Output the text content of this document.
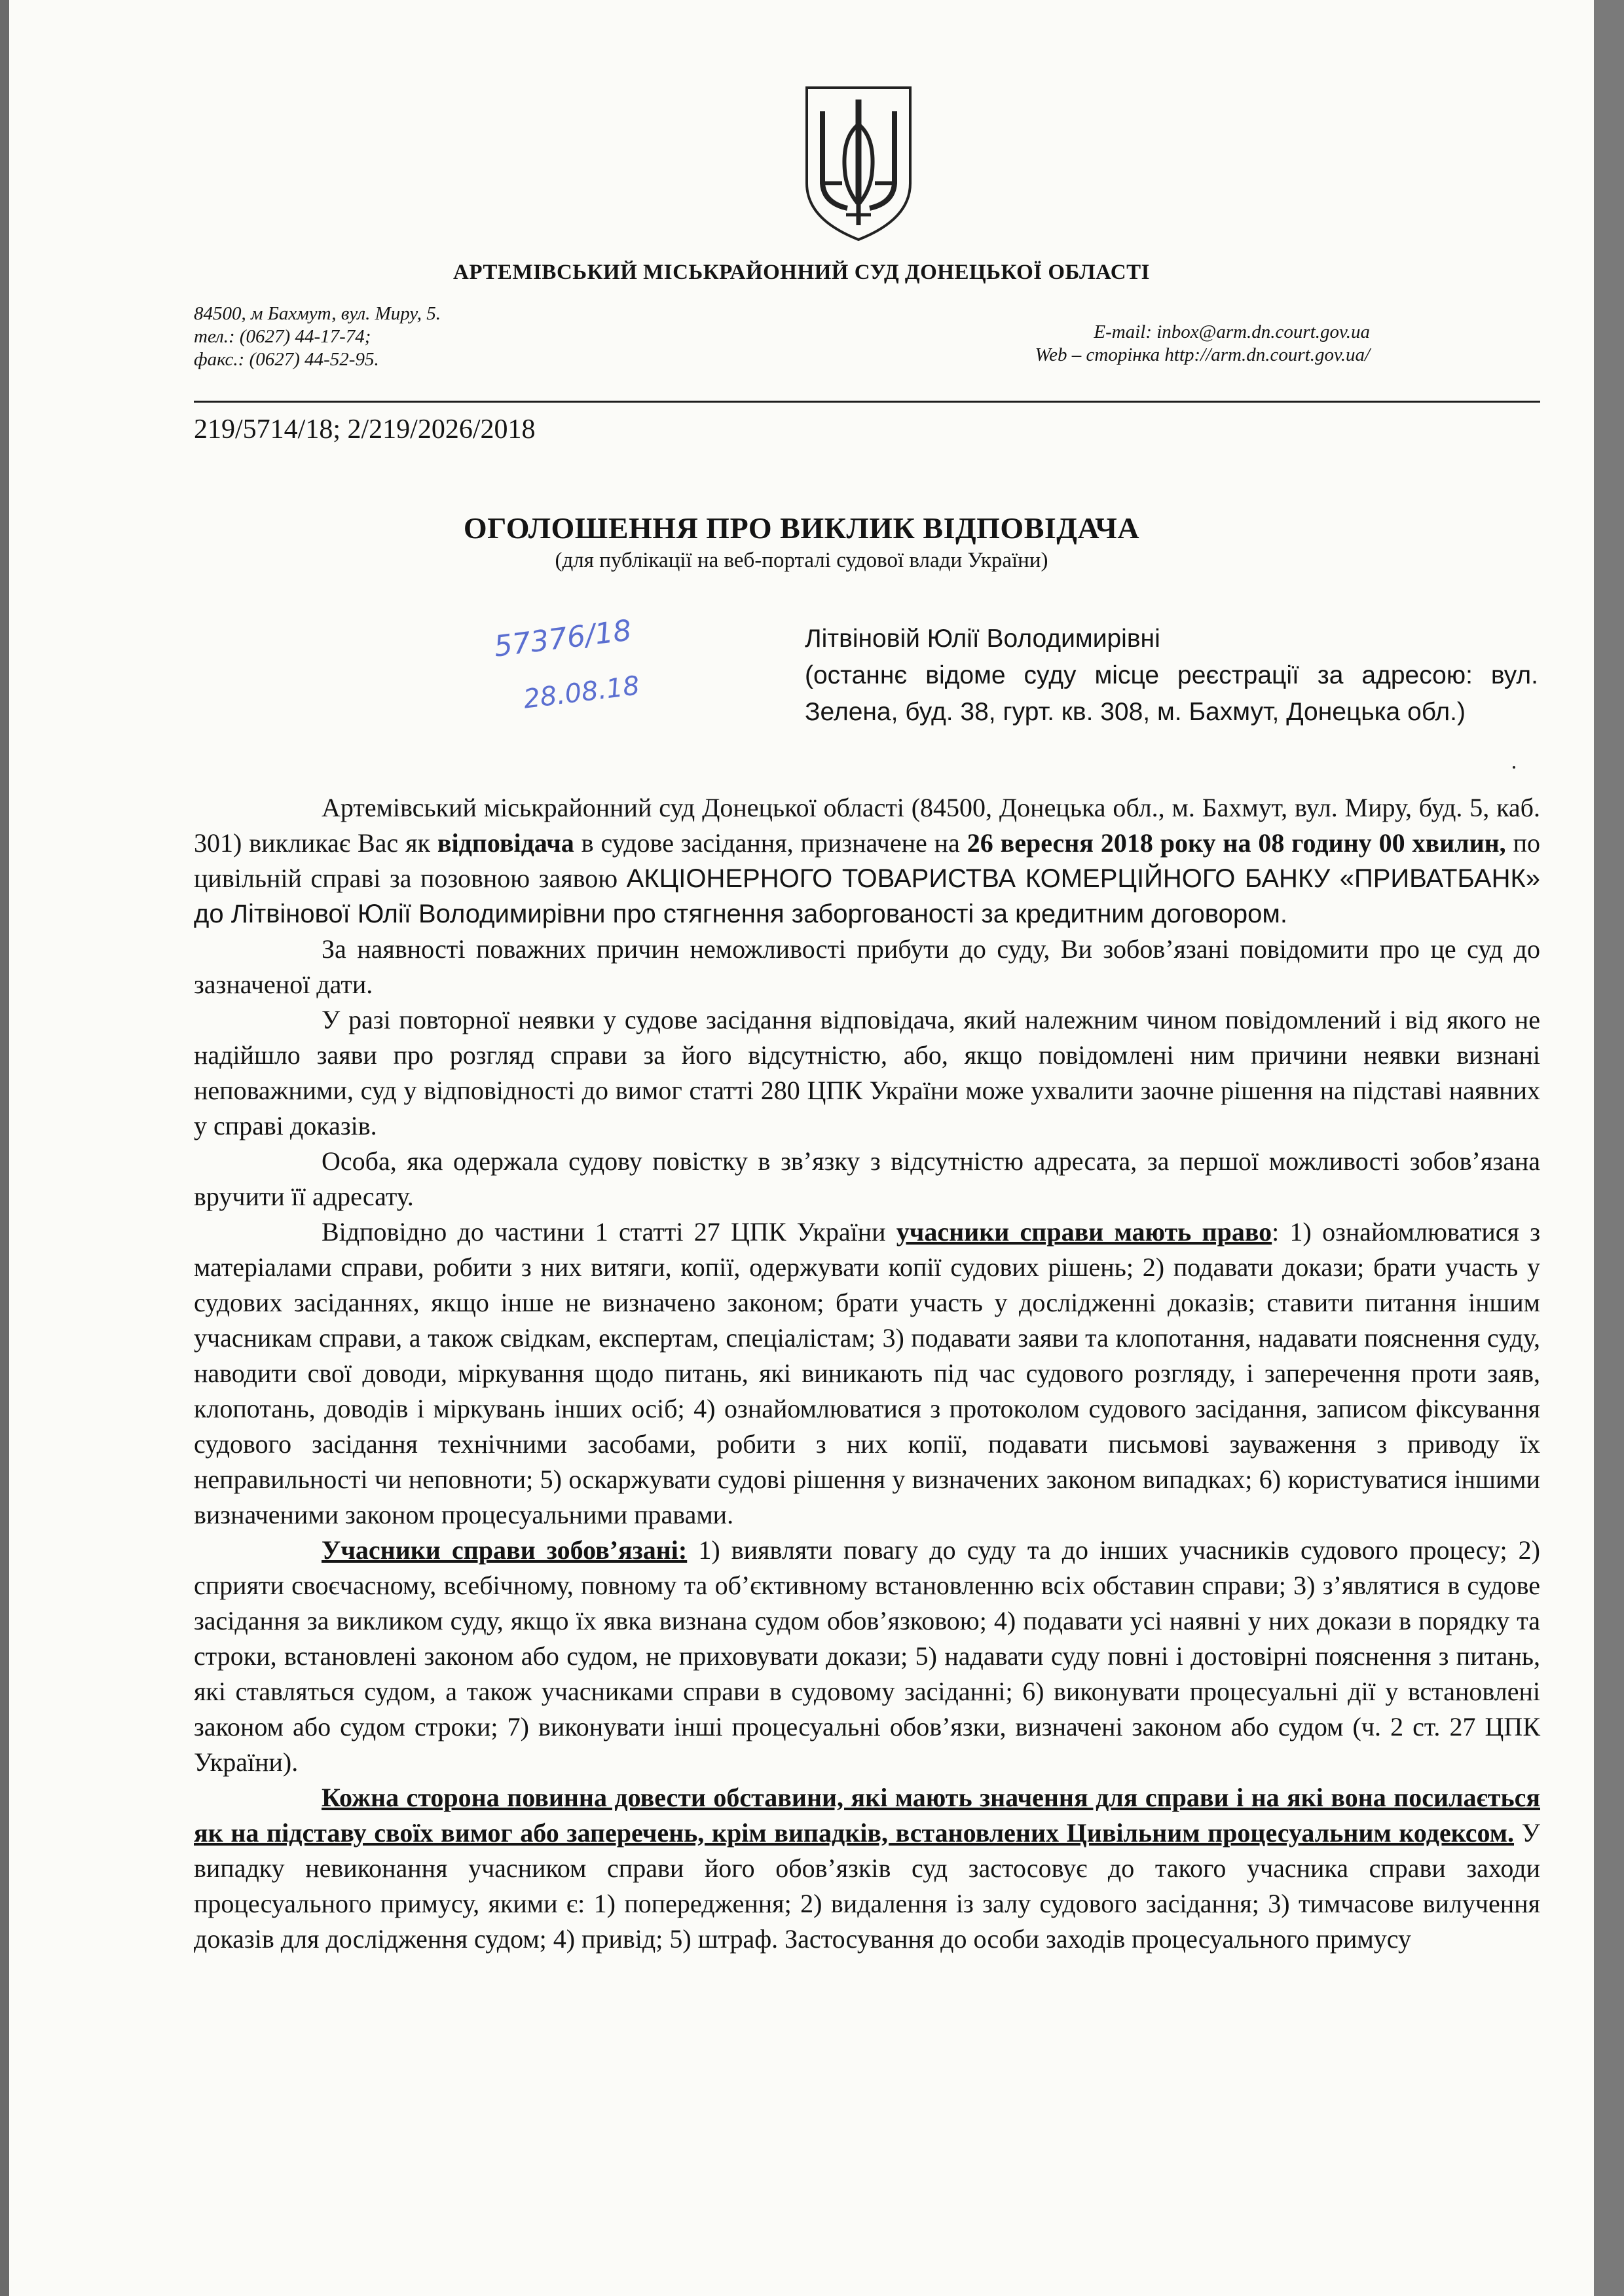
АРТЕМІВСЬКИЙ МІСЬКРАЙОННИЙ СУД ДОНЕЦЬКОЇ ОБЛАСТІ
84500, м Бахмут, вул. Миру, 5.
тел.: (0627) 44-17-74;
факс.: (0627) 44-52-95.
E-mail: inbox@arm.dn.court.gov.ua
Web – сторінка http://arm.dn.court.gov.ua/
219/5714/18; 2/219/2026/2018
ОГОЛОШЕННЯ ПРО ВИКЛИК ВІДПОВІДАЧА
(для публікації на веб-порталі судової влади України)
57376/18
28.08.18
Літвіновій Юлії Володимирівні
(останнє відоме суду місце реєстрації за адресою: вул. Зелена, буд. 38, гурт. кв. 308, м. Бахмут, Донецька обл.)

Артемівський міськрайонний суд Донецької області (84500, Донецька обл., м. Бахмут, вул. Миру, буд. 5, каб. 301) викликає Вас як відповідача в судове засідання, призначене на 26 вересня 2018 року на 08 годину 00 хвилин, по цивільній справі за позовною заявою АКЦІОНЕРНОГО ТОВАРИСТВА КОМЕРЦІЙНОГО БАНКУ «ПРИВАТБАНК» до Літвінової Юлії Володимирівни про стягнення заборгованості за кредитним договором.

За наявності поважних причин неможливості прибути до суду, Ви зобов’язані повідомити про це суд до зазначеної дати.

У разі повторної неявки у судове засідання відповідача, який належним чином повідомлений і від якого не надійшло заяви про розгляд справи за його відсутністю, або, якщо повідомлені ним причини неявки визнані неповажними, суд у відповідності до вимог статті 280 ЦПК України може ухвалити заочне рішення на підставі наявних у справі доказів.

Особа, яка одержала судову повістку в зв’язку з відсутністю адресата, за першої можливості зобов’язана вручити її адресату.

Відповідно до частини 1 статті 27 ЦПК України учасники справи мають право: 1) ознайомлюватися з матеріалами справи, робити з них витяги, копії, одержувати копії судових рішень; 2) подавати докази; брати участь у судових засіданнях, якщо інше не визначено законом; брати участь у дослідженні доказів; ставити питання іншим учасникам справи, а також свідкам, експертам, спеціалістам; 3) подавати заяви та клопотання, надавати пояснення суду, наводити свої доводи, міркування щодо питань, які виникають під час судового розгляду, і заперечення проти заяв, клопотань, доводів і міркувань інших осіб; 4) ознайомлюватися з протоколом судового засідання, записом фіксування судового засідання технічними засобами, робити з них копії, подавати письмові зауваження з приводу їх неправильності чи неповноти; 5) оскаржувати судові рішення у визначених законом випадках; 6) користуватися іншими визначеними законом процесуальними правами.

Учасники справи зобов’язані: 1) виявляти повагу до суду та до інших учасників судового процесу; 2) сприяти своєчасному, всебічному, повному та об’єктивному встановленню всіх обставин справи; 3) з’являтися в судове засідання за викликом суду, якщо їх явка визнана судом обов’язковою; 4) подавати усі наявні у них докази в порядку та строки, встановлені законом або судом, не приховувати докази; 5) надавати суду повні і достовірні пояснення з питань, які ставляться судом, а також учасниками справи в судовому засіданні; 6) виконувати процесуальні дії у встановлені законом або судом строки; 7) виконувати інші процесуальні обов’язки, визначені законом або судом (ч. 2 ст. 27 ЦПК України).

Кожна сторона повинна довести обставини, які мають значення для справи і на які вона посилається як на підставу своїх вимог або заперечень, крім випадків, встановлених Цивільним процесуальним кодексом. У випадку невиконання учасником справи його обов’язків суд застосовує до такого учасника справи заходи процесуального примусу, якими є: 1) попередження; 2) видалення із залу судового засідання; 3) тимчасове вилучення доказів для дослідження судом; 4) привід; 5) штраф. Застосування до особи заходів процесуального примусу
